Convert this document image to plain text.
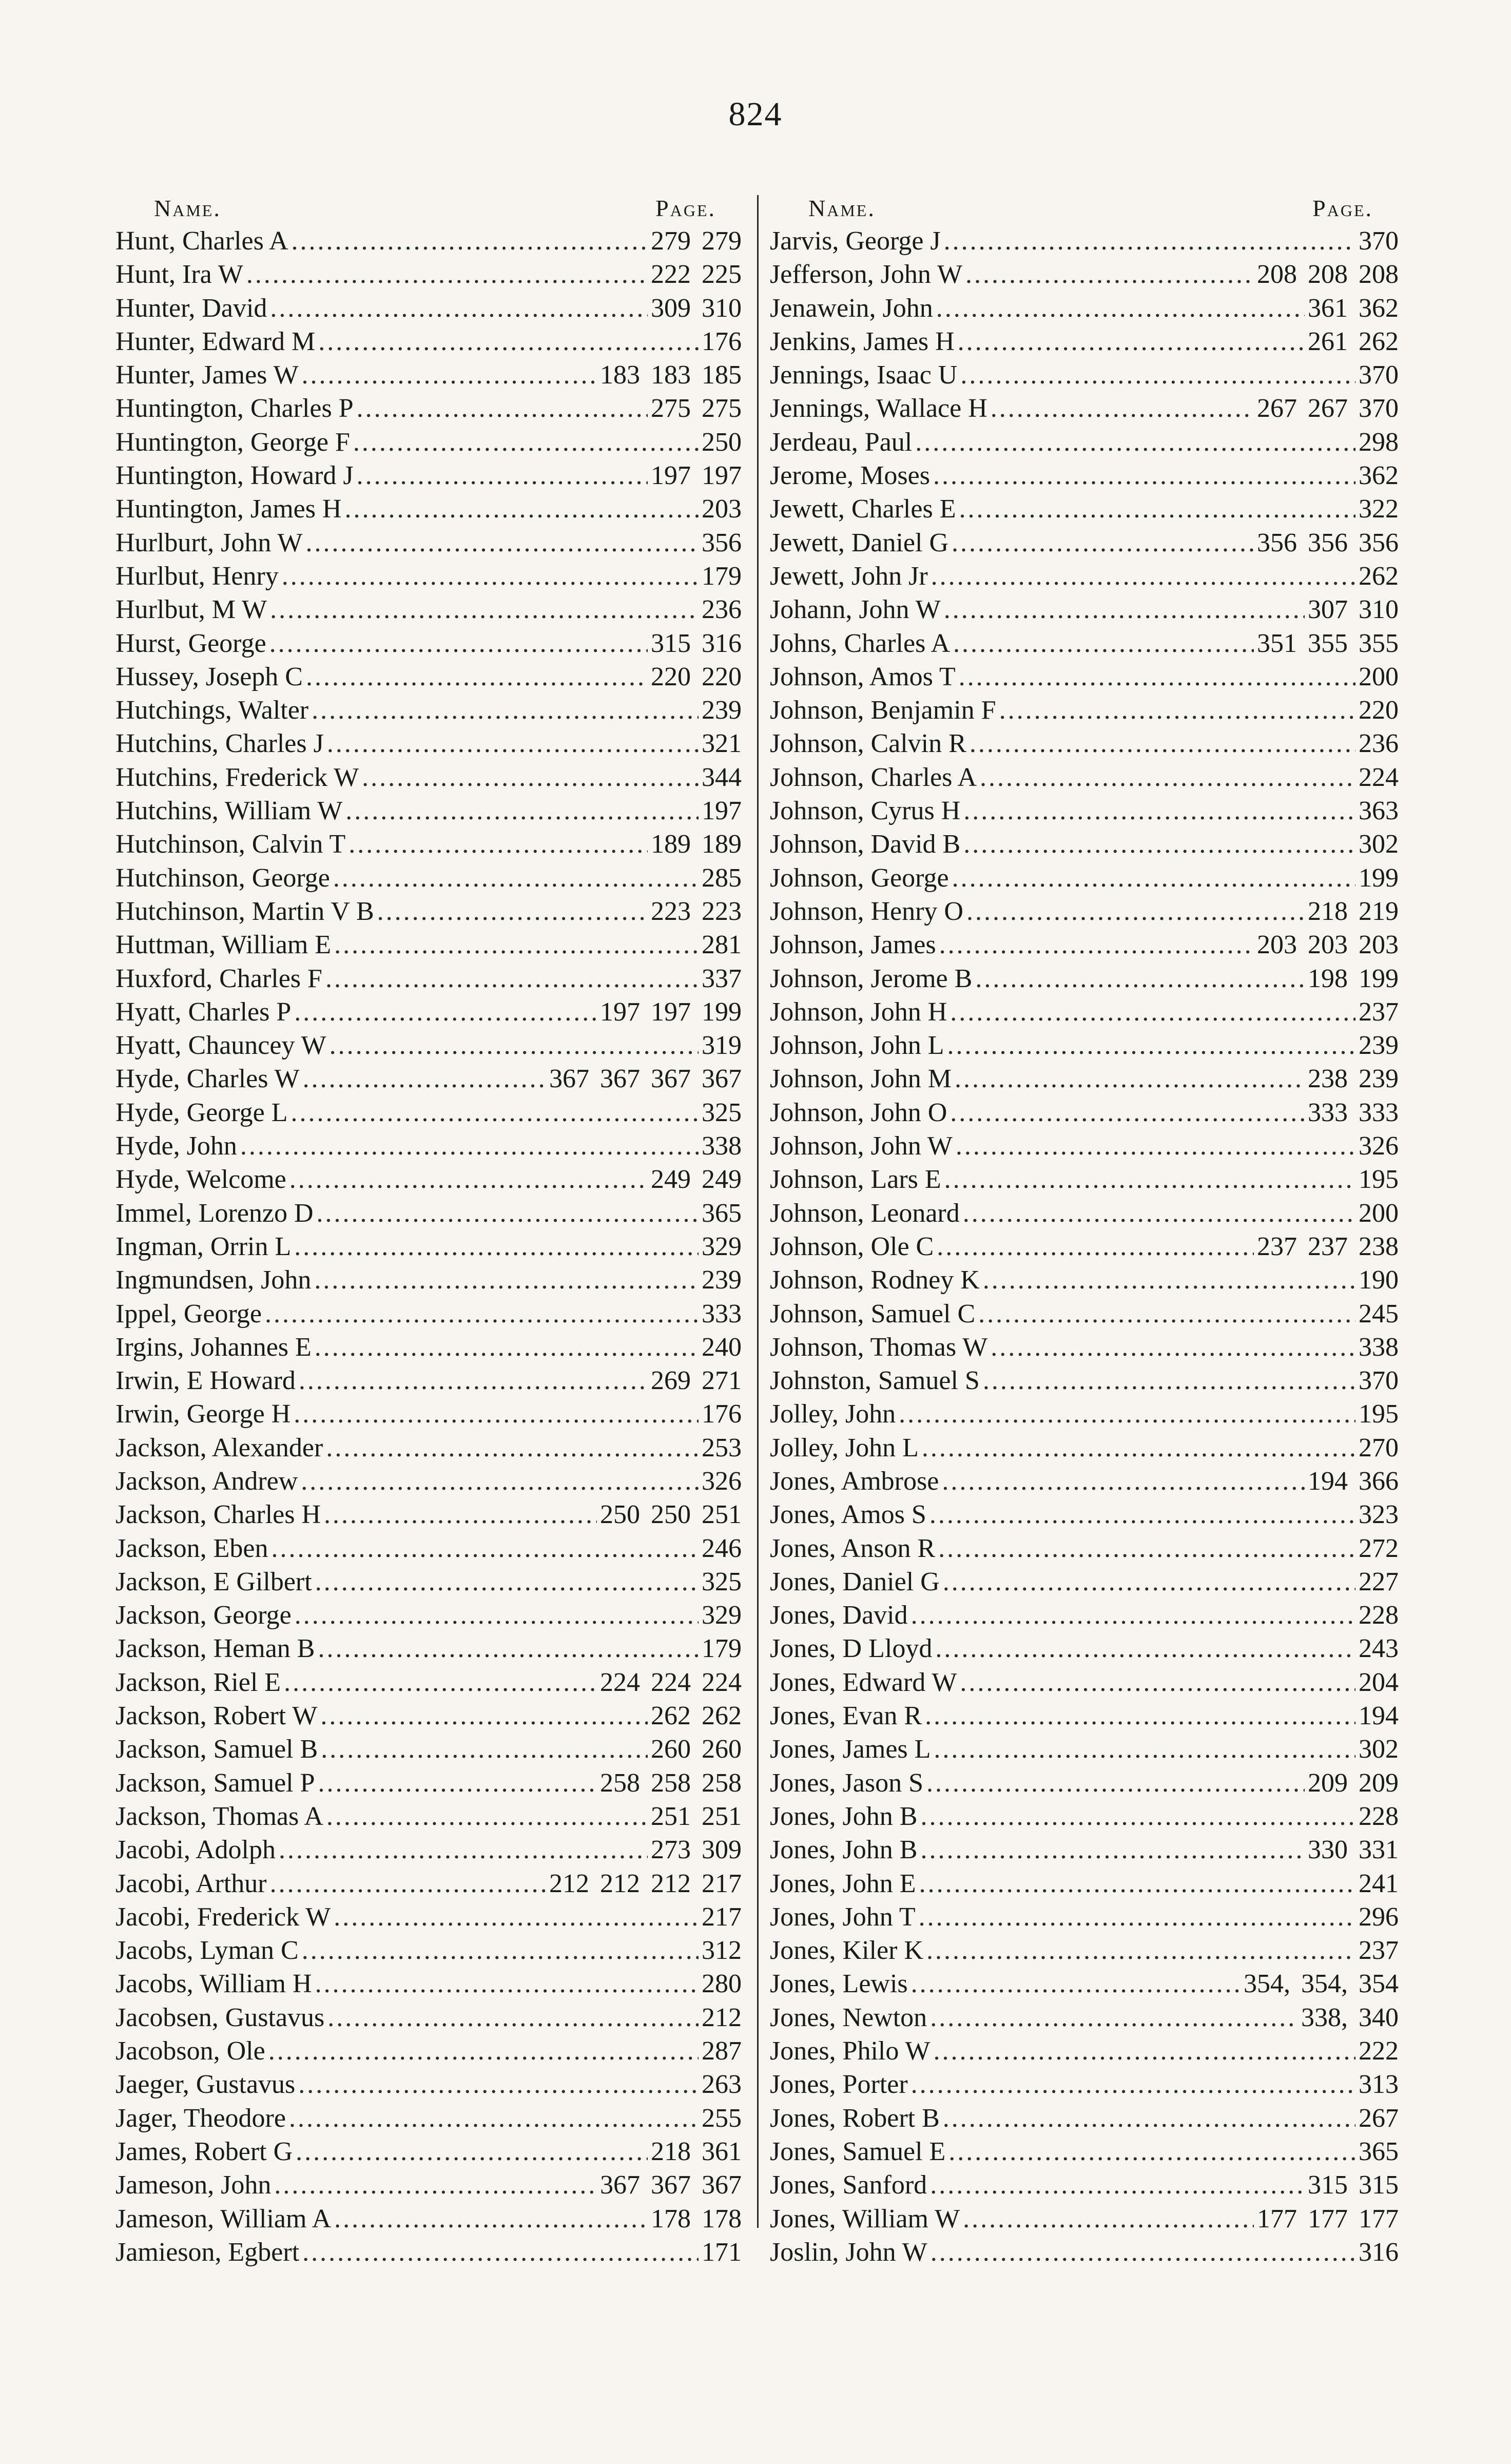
824
Name.	Page.
Hunt, Charles A .....	279 279
Hunt, Ira W .....	222 225
Hunter, David .....	309 310
Hunter, Edward M .....	176
Hunter, James W .....	183 183 185
Huntington, Charles P .....	275 275
Huntington, George F .....	250
Huntington, Howard J .....	197 197
Huntington, James H .....	203
Hurlburt, John W .....	356
Hurlbut, Henry .....	179
Hurlbut, M W .....	236
Hurst, George .....	315 316
Hussey, Joseph C .....	220 220
Hutchings, Walter .....	239
Hutchins, Charles J .....	321
Hutchins, Frederick W .....	344
Hutchins, William W .....	197
Hutchinson, Calvin T .....	189 189
Hutchinson, George .....	285
Hutchinson, Martin V B .....	223 223
Huttman, William E .....	281
Huxford, Charles F .....	337
Hyatt, Charles P .....	197 197 199
Hyatt, Chauncey W .....	319
Hyde, Charles W .....	367 367 367 367
Hyde, George L .....	325
Hyde, John .....	338
Hyde, Welcome .....	249 249
Immel, Lorenzo D .....	365
Ingman, Orrin L .....	329
Ingmundsen, John .....	239
Ippel, George .....	333
Irgins, Johannes E .....	240
Irwin, E Howard .....	269 271
Irwin, George H .....	176
Jackson, Alexander .....	253
Jackson, Andrew .....	326
Jackson, Charles H .....	250 250 251
Jackson, Eben .....	246
Jackson, E Gilbert .....	325
Jackson, George .....	329
Jackson, Heman B .....	179
Jackson, Riel E .....	224 224 224
Jackson, Robert W .....	262 262
Jackson, Samuel B .....	260 260
Jackson, Samuel P .....	258 258 258
Jackson, Thomas A .....	251 251
Jacobi, Adolph .....	273 309
Jacobi, Arthur .....	212 212 212 217
Jacobi, Frederick W .....	217
Jacobs, Lyman C .....	312
Jacobs, William H .....	280
Jacobsen, Gustavus .....	212
Jacobson, Ole .....	287
Jaeger, Gustavus .....	263
Jager, Theodore .....	255
James, Robert G .....	218 361
Jameson, John .....	367 367 367
Jameson, William A .....	178 178
Jamieson, Egbert .....	171
Name.	Page.
Jarvis, George J .....	370
Jefferson, John W .....	208 208 208
Jenawein, John .....	361 362
Jenkins, James H .....	261 262
Jennings, Isaac U .....	370
Jennings, Wallace H .....	267 267 370
Jerdeau, Paul .....	298
Jerome, Moses .....	362
Jewett, Charles E .....	322
Jewett, Daniel G .....	356 356 356
Jewett, John Jr .....	262
Johann, John W .....	307 310
Johns, Charles A .....	351 355 355
Johnson, Amos T .....	200
Johnson, Benjamin F .....	220
Johnson, Calvin R .....	236
Johnson, Charles A .....	224
Johnson, Cyrus H .....	363
Johnson, David B .....	302
Johnson, George .....	199
Johnson, Henry O .....	218 219
Johnson, James .....	203 203 203
Johnson, Jerome B .....	198 199
Johnson, John H .....	237
Johnson, John L .....	239
Johnson, John M .....	238 239
Johnson, John O .....	333 333
Johnson, John W .....	326
Johnson, Lars E .....	195
Johnson, Leonard .....	200
Johnson, Ole C .....	237 237 238
Johnson, Rodney K .....	190
Johnson, Samuel C .....	245
Johnson, Thomas W .....	338
Johnston, Samuel S .....	370
Jolley, John .....	195
Jolley, John L .....	270
Jones, Ambrose .....	194 366
Jones, Amos S .....	323
Jones, Anson R .....	272
Jones, Daniel G .....	227
Jones, David .....	228
Jones, D Lloyd .....	243
Jones, Edward W .....	204
Jones, Evan R .....	194
Jones, James L .....	302
Jones, Jason S .....	209 209
Jones, John B .....	228
Jones, John B .....	330 331
Jones, John E .....	241
Jones, John T .....	296
Jones, Kiler K .....	237
Jones, Lewis .....	354, 354, 354
Jones, Newton .....	338, 340
Jones, Philo W .....	222
Jones, Porter .....	313
Jones, Robert B .....	267
Jones, Samuel E .....	365
Jones, Sanford .....	315 315
Jones, William W .....	177 177 177
Joslin, John W .....	316
